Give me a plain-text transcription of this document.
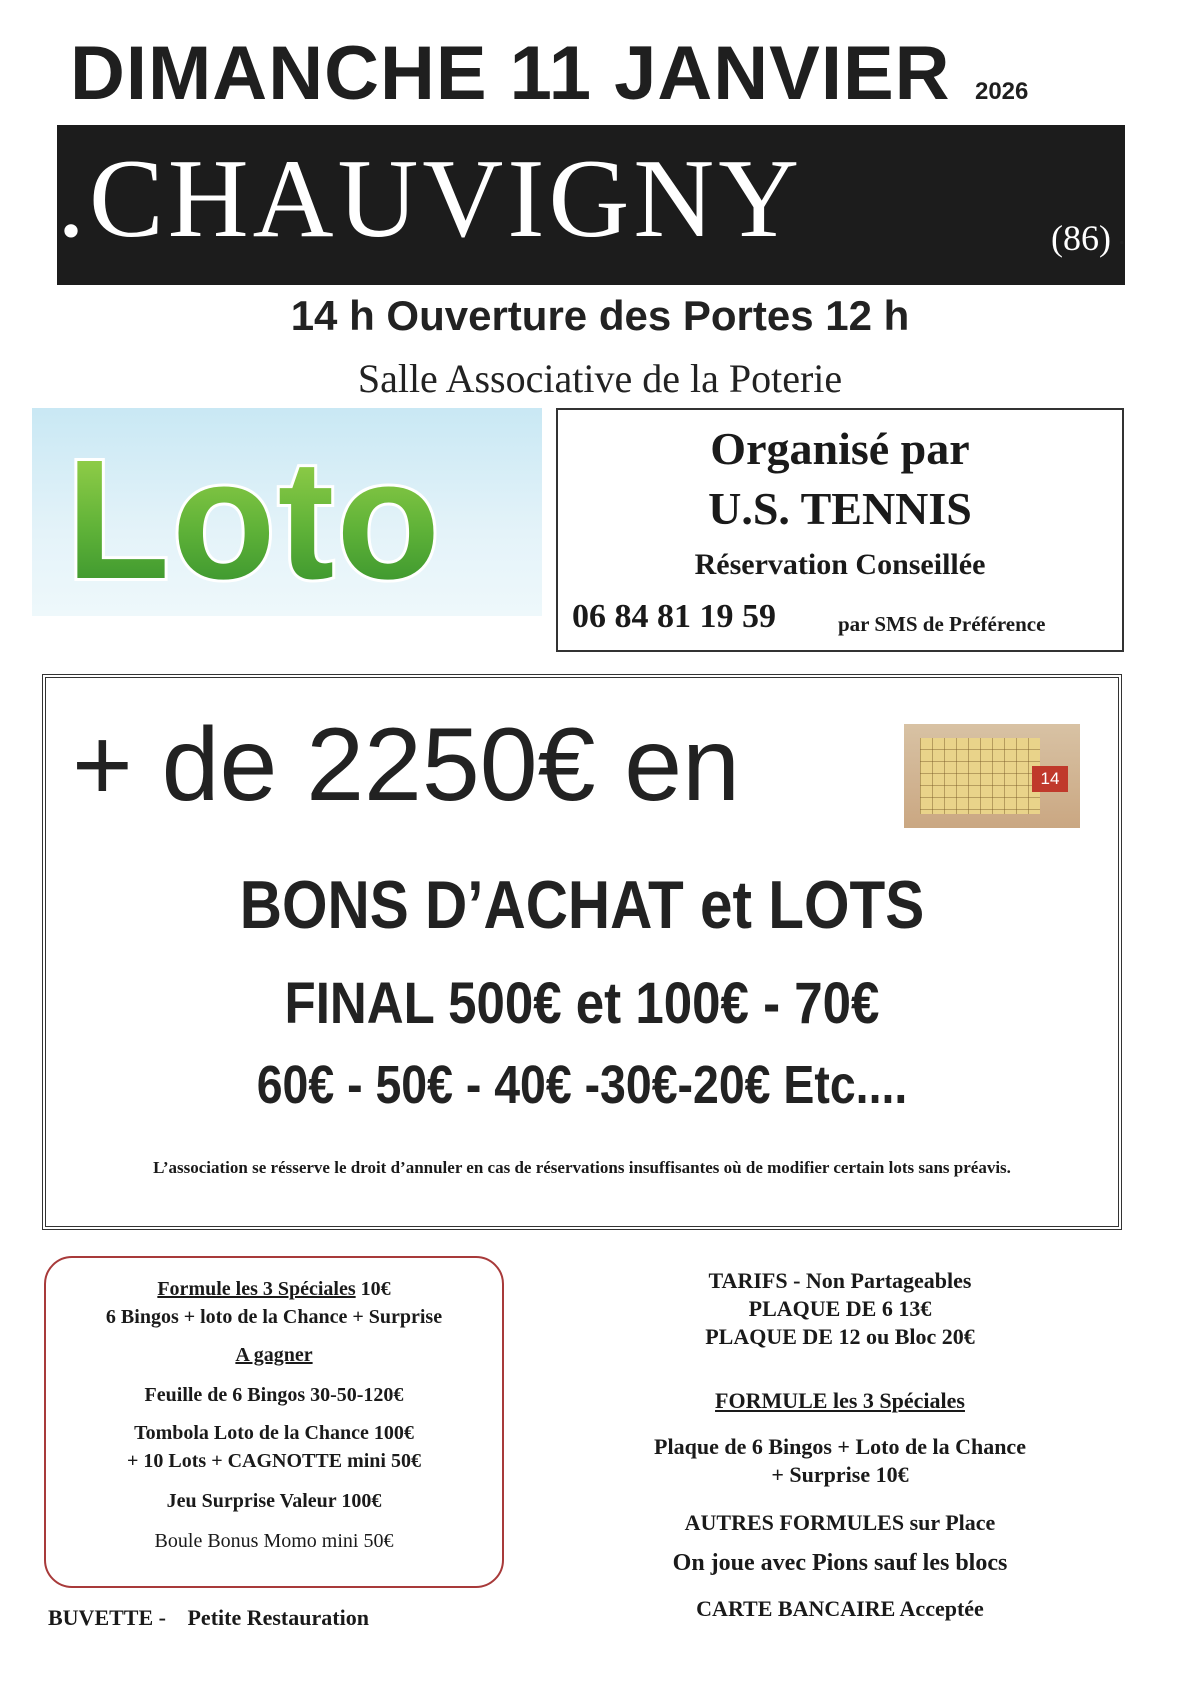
DIMANCHE 11 JANVIER 2026
.CHAUVIGNY	(86) .
14 h Ouverture des Portes 12 h
Salle Associative de la Poterie
Loto	Organisé par
U.S. TENNIS
Réservation Conseillée
06 84 81 19 59	par SMS de Préférence
+ de 2250€ en	14
BONS D’ACHAT et LOTS
FINAL 500€ et 100€ - 70€
60€ - 50€ - 40€ -30€-20€ Etc....
L’association se résserve le droit d’annuler en cas de réservations insuffisantes où de modifier certain lots sans préavis.
Formule les 3 Spéciales 10€
6 Bingos + loto de la Chance + Surprise
A gagner
Feuille de 6 Bingos 30-50-120€
Tombola Loto de la Chance 100€
+ 10 Lots + CAGNOTTE mini 50€
Jeu Surprise Valeur 100€
Boule Bonus Momo mini 50€
TARIFS - Non Partageables
PLAQUE DE 6 13€
PLAQUE DE 12 ou Bloc 20€
FORMULE les 3 Spéciales
Plaque de 6 Bingos + Loto de la Chance
+ Surprise 10€
AUTRES FORMULES sur Place
On joue avec Pions sauf les blocs
CARTE BANCAIRE Acceptée
BUVETTE - Petite Restauration
